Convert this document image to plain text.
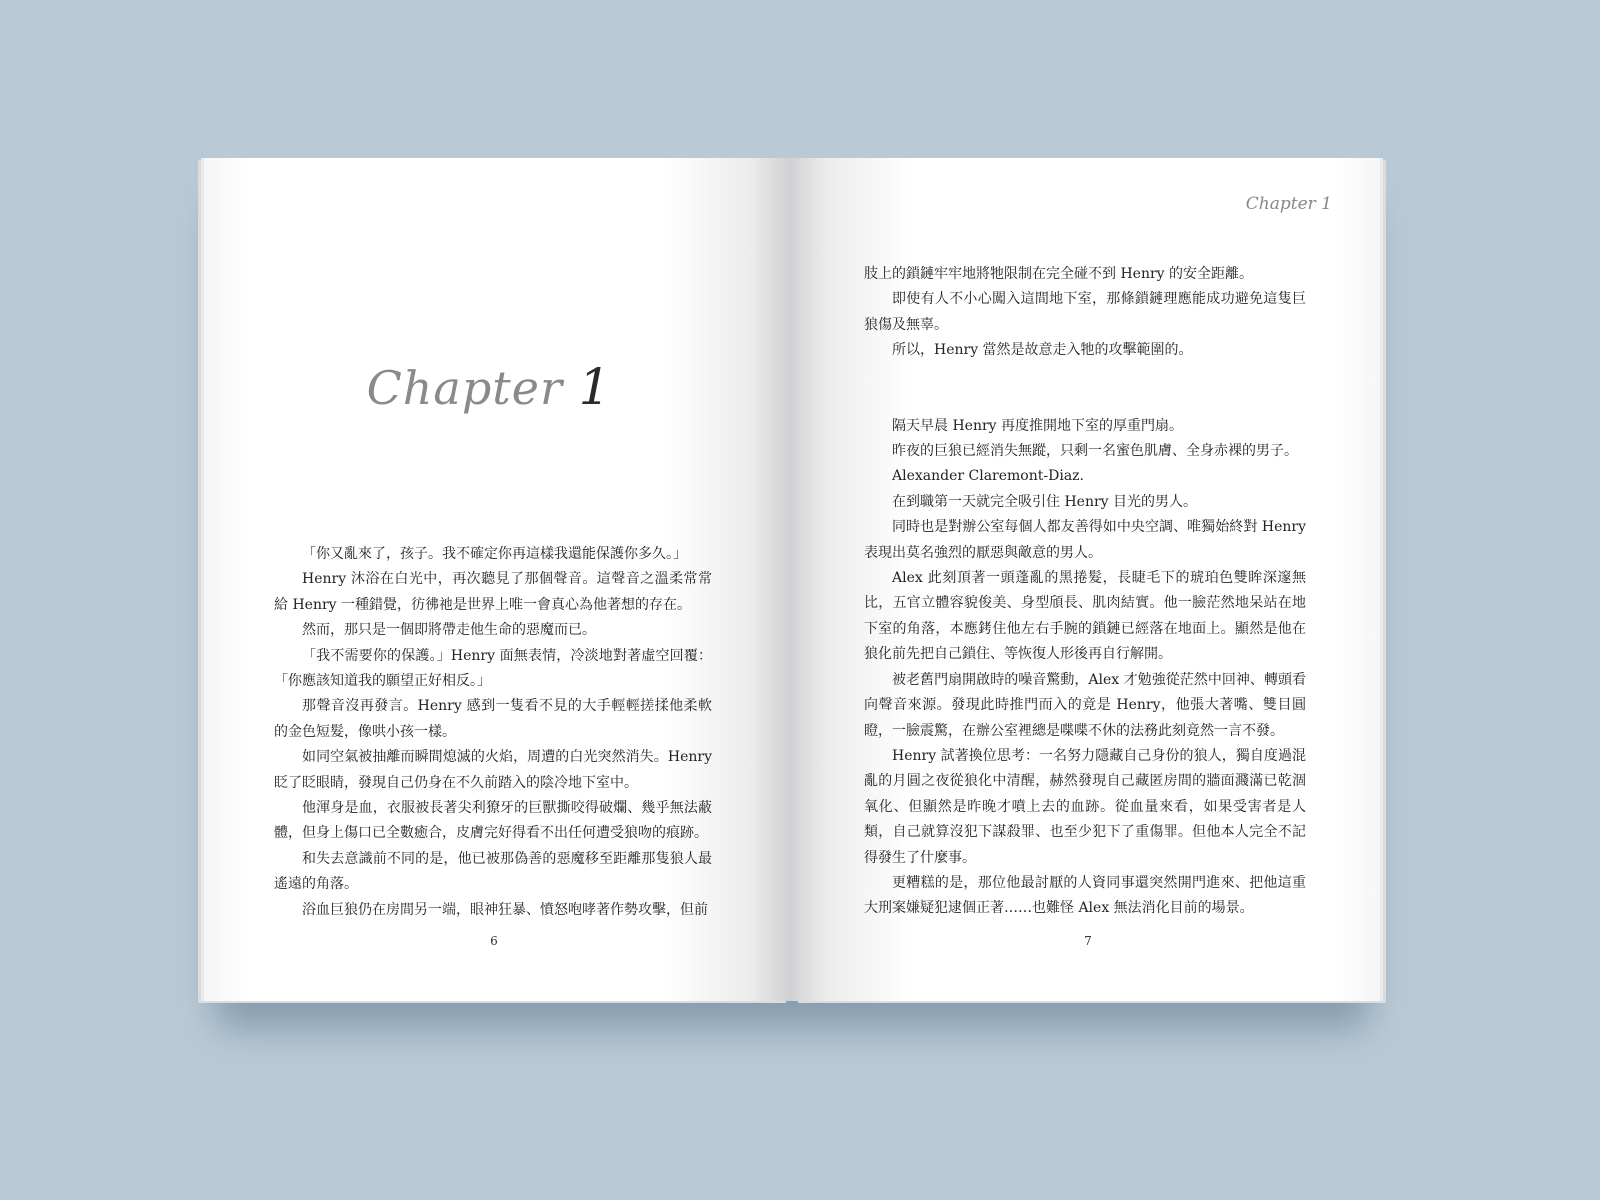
Chapter 1

「你又亂來了，孩子。我不確定你再這樣我還能保護你多久。」

Henry 沐浴在白光中，再次聽見了那個聲音。這聲音之溫柔常常給 Henry 一種錯覺，彷彿祂是世界上唯一會真心為他著想的存在。

然而，那只是一個即將帶走他生命的惡魔而已。

「我不需要你的保護。」Henry 面無表情，冷淡地對著虛空回覆：「你應該知道我的願望正好相反。」

那聲音沒再發言。Henry 感到一隻看不見的大手輕輕搓揉他柔軟的金色短髮，像哄小孩一樣。

如同空氣被抽離而瞬間熄滅的火焰，周遭的白光突然消失。Henry 眨了眨眼睛，發現自己仍身在不久前踏入的陰冷地下室中。

他渾身是血，衣服被長著尖利獠牙的巨獸撕咬得破爛、幾乎無法蔽體，但身上傷口已全數癒合，皮膚完好得看不出任何遭受狼吻的痕跡。

和失去意識前不同的是，他已被那偽善的惡魔移至距離那隻狼人最遙遠的角落。

浴血巨狼仍在房間另一端，眼神狂暴、憤怒咆哮著作勢攻擊，但前

6
Chapter 1

肢上的鎖鏈牢牢地將牠限制在完全碰不到 Henry 的安全距離。

即使有人不小心闖入這間地下室，那條鎖鏈理應能成功避免這隻巨狼傷及無辜。

所以，Henry 當然是故意走入牠的攻擊範圍的。

隔天早晨 Henry 再度推開地下室的厚重門扇。

昨夜的巨狼已經消失無蹤，只剩一名蜜色肌膚、全身赤裸的男子。

Alexander Claremont-Diaz.

在到職第一天就完全吸引住 Henry 目光的男人。

同時也是對辦公室每個人都友善得如中央空調、唯獨始終對 Henry 表現出莫名強烈的厭惡與敵意的男人。

Alex 此刻頂著一頭蓬亂的黑捲髮，長睫毛下的琥珀色雙眸深邃無比，五官立體容貌俊美、身型頎長、肌肉結實。他一臉茫然地呆站在地下室的角落，本應銬住他左右手腕的鎖鏈已經落在地面上。顯然是他在狼化前先把自己鎖住、等恢復人形後再自行解開。

被老舊門扇開啟時的噪音驚動，Alex 才勉強從茫然中回神、轉頭看向聲音來源。發現此時推門而入的竟是 Henry，他張大著嘴、雙目圓瞪，一臉震驚，在辦公室裡總是喋喋不休的法務此刻竟然一言不發。

Henry 試著換位思考：一名努力隱藏自己身份的狼人，獨自度過混亂的月圓之夜從狼化中清醒，赫然發現自己藏匿房間的牆面濺滿已乾涸氧化、但顯然是昨晚才噴上去的血跡。從血量來看，如果受害者是人類，自己就算沒犯下謀殺罪、也至少犯下了重傷罪。但他本人完全不記得發生了什麼事。

更糟糕的是，那位他最討厭的人資同事還突然開門進來、把他這重大刑案嫌疑犯逮個正著……也難怪 Alex 無法消化目前的場景。

7
